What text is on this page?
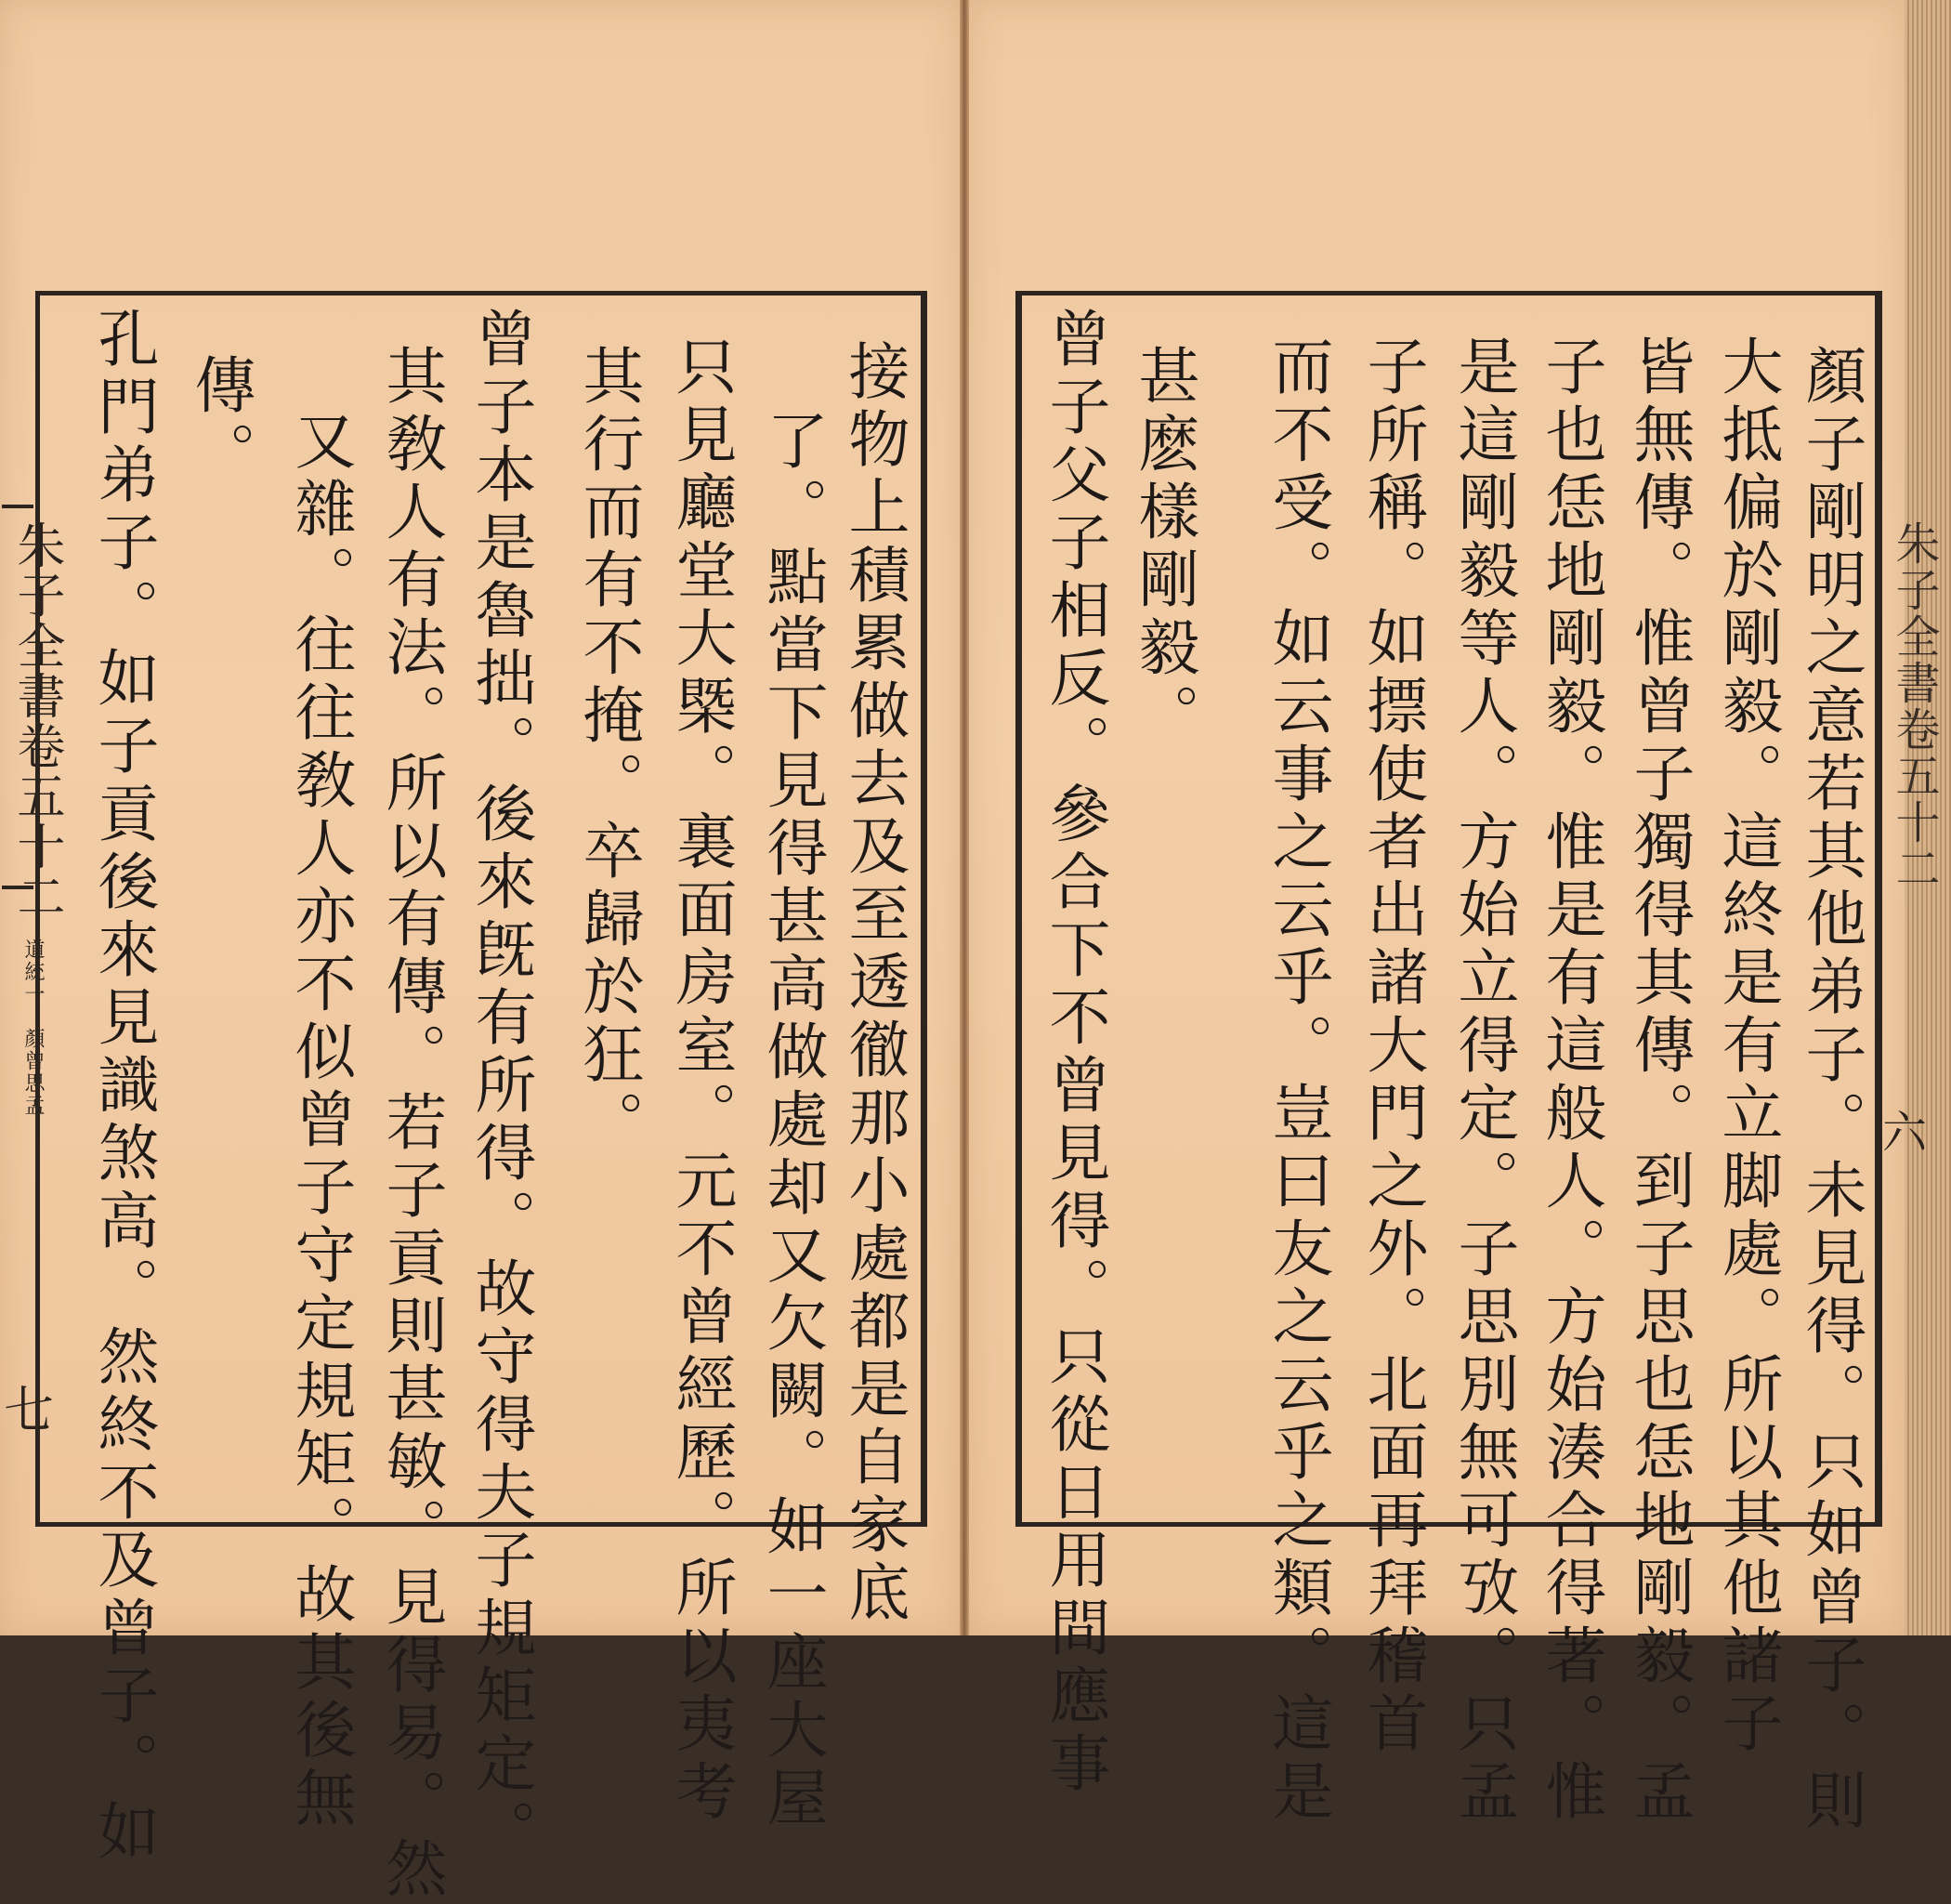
朱子全書卷五十二
道統一　顏曾思孟
七	接物上積累做去及至透徹那小處都是自家底
了。點當下見得甚高做處却又欠闕。如一座大屋
只見廳堂大槩。裏面房室。元不曾經歷。所以夷考
其行而有不掩。卒歸於狂。
曾子本是魯拙。後來旣有所得。故守得夫子規矩定。
其敎人有法。所以有傳。若子貢則甚敏。見得易。然
又雜。往往敎人亦不似曾子守定規矩。故其後無
傳。
孔門弟子。如子貢後來見識煞高。然終不及曾子。如	顏子剛明之意若其他弟子。未見得。只如曾子。則
大抵偏於剛毅。這終是有立脚處。所以其他諸子
皆無傳。惟曾子獨得其傳。到子思也恁地剛毅。孟
子也恁地剛毅。惟是有這般人。方始湊合得著。惟
是這剛毅等人。方始立得定。子思別無可攷。只孟
子所稱。如摽使者出諸大門之外。北面再拜稽首
而不受。如云事之云乎。豈曰友之云乎之類。這是
甚麽樣剛毅。
曾子父子相反。參合下不曾見得。只從日用間應事	朱子全書卷五十二
六
